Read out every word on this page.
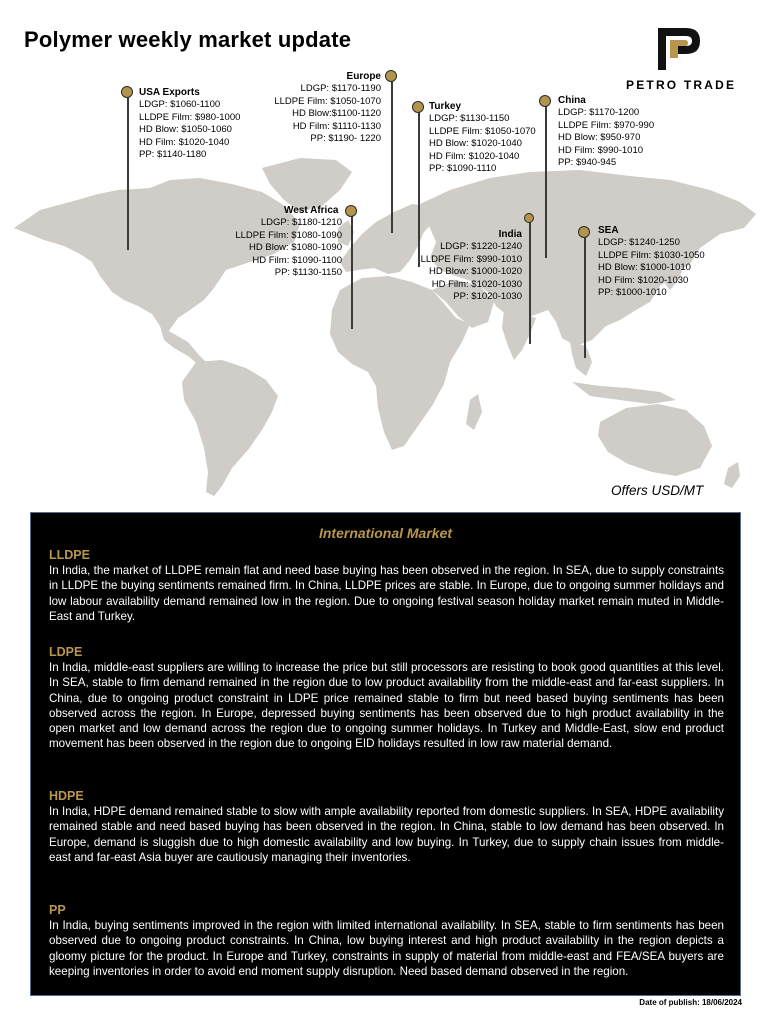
Polymer weekly market update
PETRO TRADE
USA Exports
LDGP: $1060-1100
LLDPE Film: $980-1000
HD Blow: $1050-1060
HD Film: $1020-1040
PP: $1140-1180
Europe
LDGP: $1170-1190
LLDPE Film: $1050-1070
HD Blow:$1100-1120
HD Film: $1110-1130
PP: $1190- 1220
Turkey
LDGP: $1130-1150
LLDPE Film: $1050-1070
HD Blow: $1020-1040
HD Film: $1020-1040
PP: $1090-1110
China
LDGP: $1170-1200
LLDPE Film: $970-990
HD Blow: $950-970
HD Film: $990-1010
PP: $940-945
West Africa
LDGP: $1180-1210
LLDPE Film: $1080-1090
HD Blow: $1080-1090
HD Film: $1090-1100
PP: $1130-1150
India
LDGP: $1220-1240
LLDPE Film: $990-1010
HD Blow: $1000-1020
HD Film: $1020-1030
PP: $1020-1030
SEA
LDGP: $1240-1250
LLDPE Film: $1030-1050
HD Blow: $1000-1010
HD Film: $1020-1030
PP: $1000-1010
Offers USD/MT
International Market
LLDPE
In India, the market of LLDPE remain flat and need base buying has been observed in the region. In SEA, due to supply constraints in LLDPE the buying sentiments remained firm. In China, LLDPE prices are stable. In Europe, due to ongoing summer holidays and low labour availability demand remained low in the region. Due to ongoing festival season holiday market remain muted in Middle-East and Turkey.
LDPE
In India, middle-east suppliers are willing to increase the price but still processors are resisting to book good quantities at this level. In SEA, stable to firm demand remained in the region due to low product availability from the middle-east and far-east suppliers. In China, due to ongoing product constraint in LDPE price remained stable to firm but need based buying sentiments has been observed across the region. In Europe, depressed buying sentiments has been observed due to high product availability in the open market and low demand across the region due to ongoing summer holidays. In Turkey and Middle-East, slow end product movement has been observed in the region due to ongoing EID holidays resulted in low raw material demand.
HDPE
In India, HDPE demand remained stable to slow with ample availability reported from domestic suppliers. In SEA, HDPE availability remained stable and need based buying has been observed in the region. In China, stable to low demand has been observed. In Europe, demand is sluggish due to high domestic availability and low buying. In Turkey, due to supply chain issues from middle-east and far-east Asia buyer are cautiously managing their inventories.
PP
In India, buying sentiments improved in the region with limited international availability. In SEA, stable to firm sentiments has been observed due to ongoing product constraints. In China, low buying interest and high product availability in the region depicts a gloomy picture for the product. In Europe and Turkey, constraints in supply of material from middle-east and FEA/SEA buyers are keeping inventories in order to avoid end moment supply disruption. Need based demand observed in the region.
Date of publish: 18/06/2024
